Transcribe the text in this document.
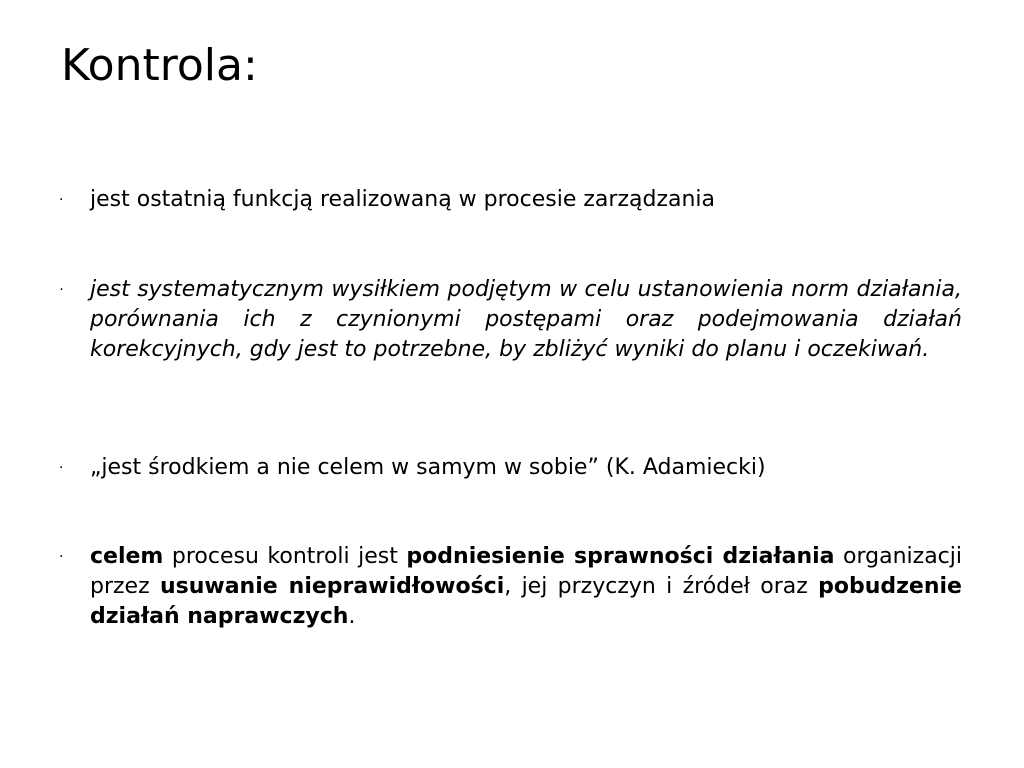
Kontrola:
· jest ostatnią funkcją realizowaną w procesie zarządzania
· jest systematycznym wysiłkiem podjętym w celu ustanowienia norm działania, porównania ich z czynionymi postępami oraz podejmowania działań korekcyjnych, gdy jest to potrzebne, by zbliżyć wyniki do planu i oczekiwań.
· „jest środkiem a nie celem w samym w sobie” (K. Adamiecki)
· celem procesu kontroli jest podniesienie sprawności działania organizacji przez usuwanie nieprawidłowości, jej przyczyn i źródeł oraz pobudzenie działań naprawczych.
